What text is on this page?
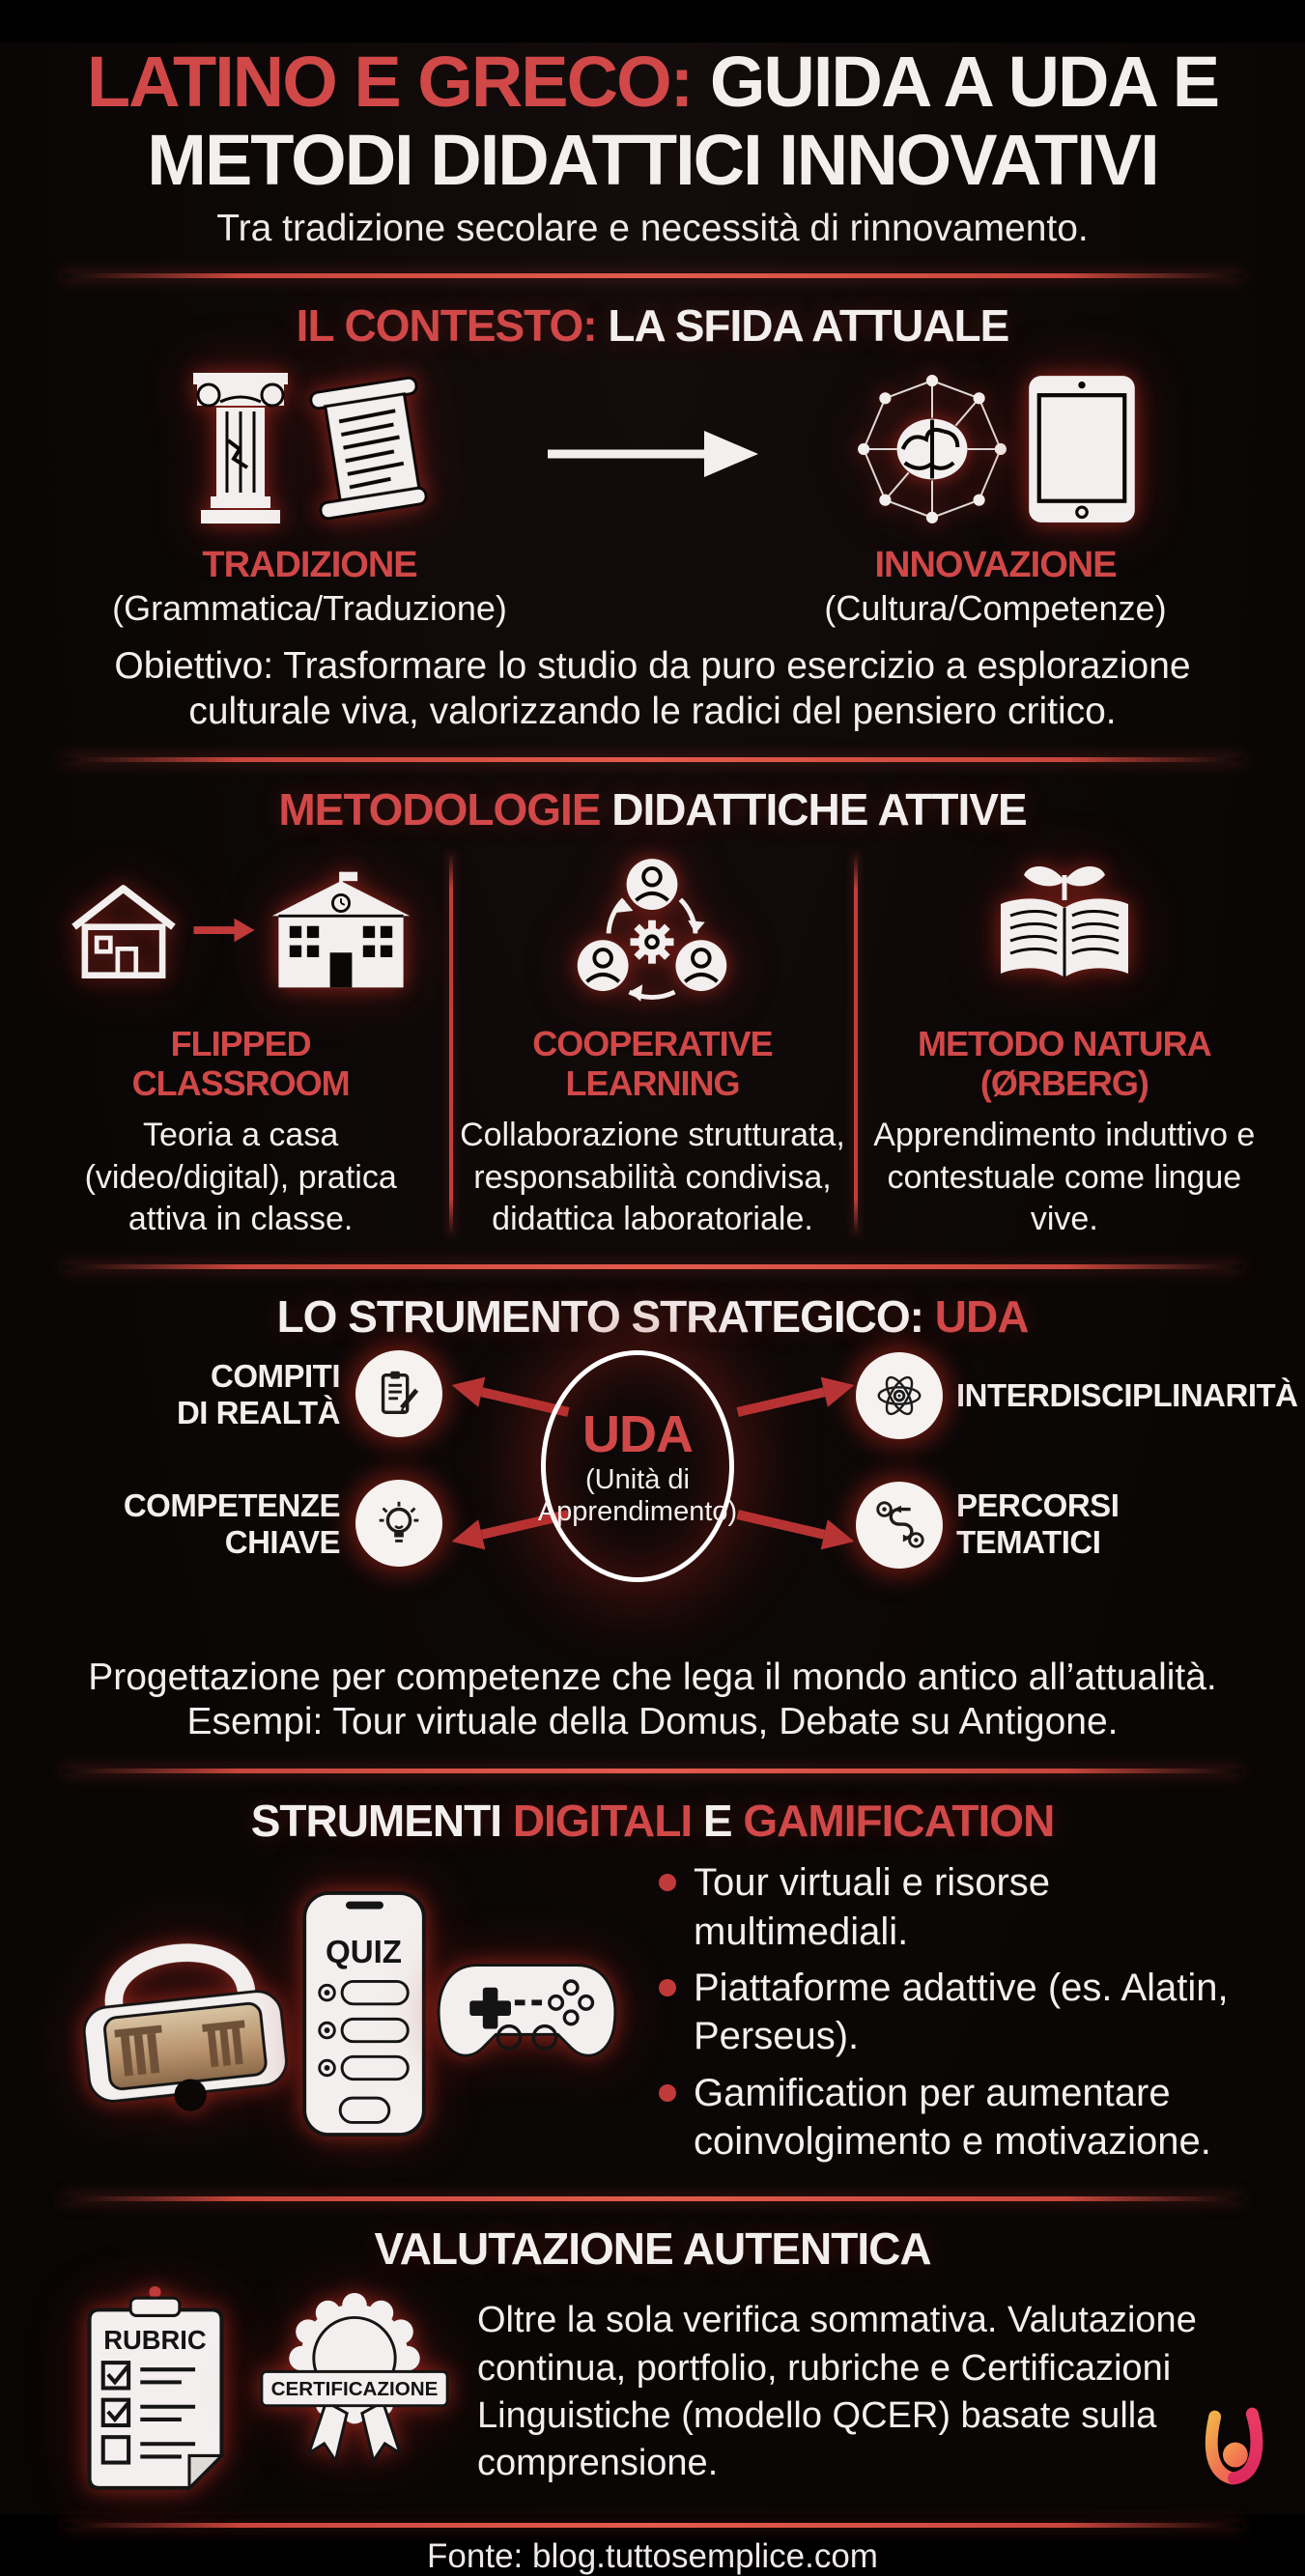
LATINO E GRECO: GUIDA A UDA E
METODI DIDATTICI INNOVATIVI
Tra tradizione secolare e necessità di rinnovamento.
IL CONTESTO: LA SFIDA ATTUALE
TRADIZIONE
(Grammatica/Traduzione)
INNOVAZIONE
(Cultura/Competenze)
Obiettivo: Trasformare lo studio da puro esercizio a esplorazione
culturale viva, valorizzando le radici del pensiero critico.
METODOLOGIE DIDATTICHE ATTIVE
FLIPPED
CLASSROOM
Teoria a casa (video/digital), pratica attiva in classe.
COOPERATIVE
LEARNING
Collaborazione strutturata, responsabilità condivisa, didattica laboratoriale.
METODO NATURA
(ØRBERG)
Apprendimento induttivo e contestuale come lingue vive.
LO STRUMENTO STRATEGICO: UDA
COMPITI
DI REALTÀ
COMPETENZE
CHIAVE
INTERDISCIPLINARITÀ
PERCORSI
TEMATICI
UDA
(Unità di
Apprendimento)
Progettazione per competenze che lega il mondo antico all’attualità.
Esempi: Tour virtuale della Domus, Debate su Antigone.
STRUMENTI DIGITALI E GAMIFICATION
QUIZ
Tour virtuali e risorse multimediali.
Piattaforme adattive (es. Alatin, Perseus).
Gamification per aumentare coinvolgimento e motivazione.
VALUTAZIONE AUTENTICA
RUBRIC
CERTIFICAZIONE
Oltre la sola verifica sommativa. Valutazione continua, portfolio, rubriche e Certificazioni Linguistiche (modello QCER) basate sulla comprensione.
Fonte: blog.tuttosemplice.com
